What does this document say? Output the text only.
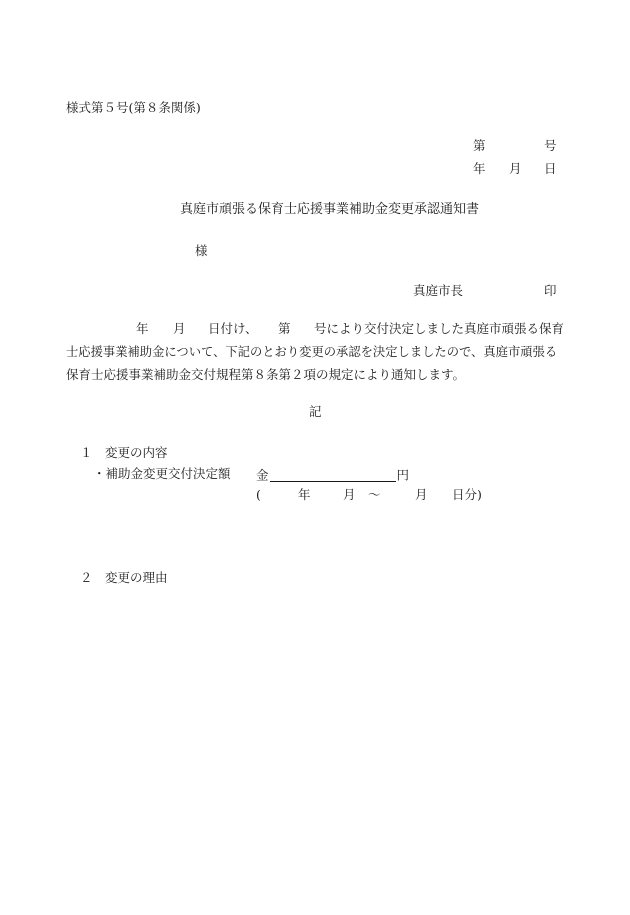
様式第５号(第８条関係)
第	号
年 月 日
真庭市頑張る保育士応援事業補助金変更承認通知書
様
真庭市長	印
年 月 日付け、 第 号により交付決定しました真庭市頑張る保育
士応援事業補助金について、下記のとおり変更の承認を決定しましたので、真庭市頑張る
保育士応援事業補助金交付規程第８条第２項の規定により通知します。
記
１　変更の内容
・補助金変更交付決定額 金	円
(	年	月 ～	月 日分)
２　変更の理由
